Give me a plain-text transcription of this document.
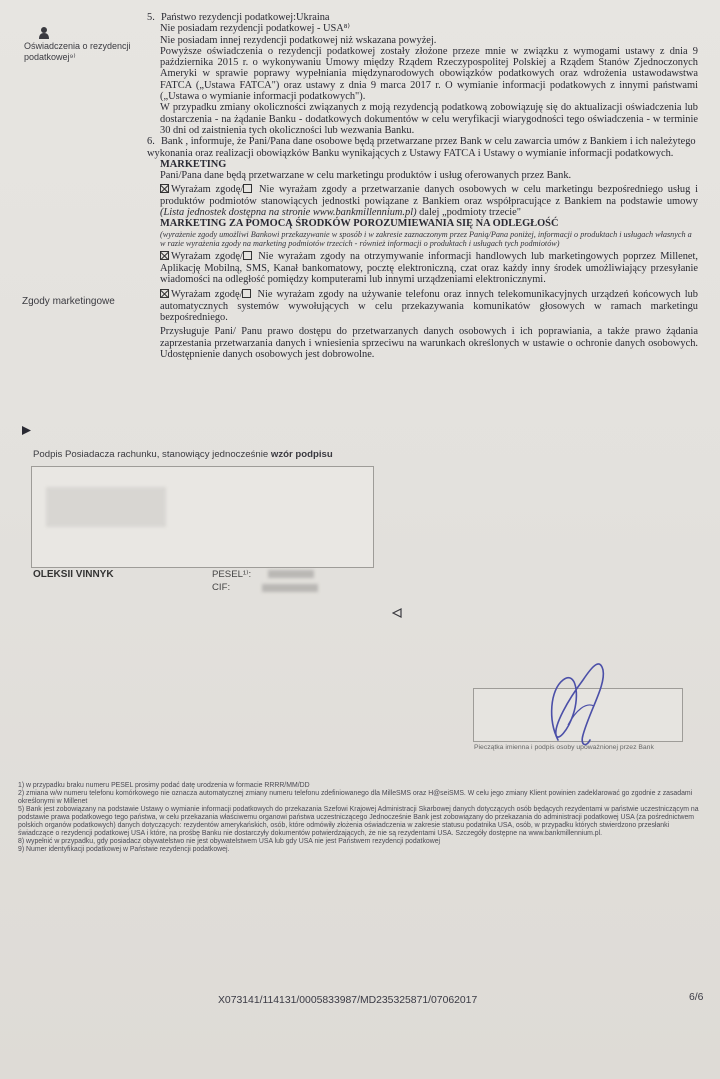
Oświadczenia o rezydencji podatkowej⁹⁾
Zgody marketingowe

5. Państwo rezydencji podatkowej:Ukraina

Nie posiadam rezydencji podatkowej - USA⁸⁾

Nie posiadam innej rezydencji podatkowej niż wskazana powyżej.

Powyższe oświadczenia o rezydencji podatkowej zostały złożone przeze mnie w związku z wymogami ustawy z dnia 9 października 2015 r. o wykonywaniu Umowy między Rządem Rzeczypospolitej Polskiej a Rządem Stanów Zjednoczonych Ameryki w sprawie poprawy wypełniania międzynarodowych obowiązków podatkowych oraz wdrożenia ustawodawstwa FATCA („Ustawa FATCA") oraz ustawy z dnia 9 marca 2017 r. O wymianie informacji podatkowych z innymi państwami („Ustawa o wymianie informacji podatkowych").

W przypadku zmiany okoliczności związanych z moją rezydencją podatkową zobowiązuję się do aktualizacji oświadczenia lub dostarczenia - na żądanie Banku - dodatkowych dokumentów w celu weryfikacji wiarygodności tego oświadczenia - w terminie 30 dni od zaistnienia tych okoliczności lub wezwania Banku.

6. Bank , informuje, że Pani/Pana dane osobowe będą przetwarzane przez Bank w celu zawarcia umów z Bankiem i ich należytego wykonania oraz realizacji obowiązków Banku wynikających z Ustawy FATCA i Ustawy o wymianie informacji podatkowych.

MARKETING

Pani/Pana dane będą przetwarzane w celu marketingu produktów i usług oferowanych przez Bank.

Wyrażam zgodę/ Nie wyrażam zgody a przetwarzanie danych osobowych w celu marketingu bezpośredniego usług i produktów podmiotów stanowiących jednostki powiązane z Bankiem oraz współpracujące z Bankiem na podstawie umowy (Lista jednostek dostępna na stronie www.bankmillennium.pl) dalej „podmioty trzecie"

MARKETING ZA POMOCĄ ŚRODKÓW POROZUMIEWANIA SIĘ NA ODLEGŁOŚĆ

(wyrażenie zgody umożliwi Bankowi przekazywanie w sposób i w zakresie zaznaczonym przez Panią/Pana poniżej, informacji o produktach i usługach własnych a w razie wyrażenia zgody na marketing podmiotów trzecich - również informacji o produktach i usługach tych podmiotów)

Wyrażam zgodę/ Nie wyrażam zgody na otrzymywanie informacji handlowych lub marketingowych poprzez Millenet, Aplikację Mobilną, SMS, Kanał bankomatowy, pocztę elektroniczną, czat oraz każdy inny środek umożliwiający przesyłanie wiadomości na odległość pomiędzy komputerami lub innymi urządzeniami elektronicznymi.

Wyrażam zgodę/ Nie wyrażam zgody na używanie telefonu oraz innych telekomunikacyjnych urządzeń końcowych lub automatycznych systemów wywołujących w celu przekazywania komunikatów głosowych w ramach marketingu bezpośredniego.

Przysługuje Pani/ Panu prawo dostępu do przetwarzanych danych osobowych i ich poprawiania, a także prawo żądania zaprzestania przetwarzania danych i wniesienia sprzeciwu na warunkach określonych w ustawie o ochronie danych osobowych. Udostępnienie danych osobowych jest dobrowolne.

Podpis Posiadacza rachunku, stanowiący jednocześnie wzór podpisu
OLEKSII VINNYK	PESEL¹⁾:
CIF:
Pieczątka imienna i podpis osoby upoważnionej przez Bank

1) w przypadku braku numeru PESEL prosimy podać datę urodzenia w formacie RRRR/MM/DD

2) zmiana w/w numeru telefonu komórkowego nie oznacza automatycznej zmiany numeru telefonu zdefiniowanego dla MilleSMS oraz H@seiSMS. W celu jego zmiany Klient powinien zadeklarować go zgodnie z zasadami określonymi w Millenet

5) Bank jest zobowiązany na podstawie Ustawy o wymianie informacji podatkowych do przekazania Szefowi Krajowej Administracji Skarbowej danych dotyczących osób będących rezydentami w państwie uczestniczącym na podstawie prawa podatkowego tego państwa, w celu przekazania właściwemu organowi państwa uczestniczącego Jednocześnie Bank jest zobowiązany do przekazania do administracji podatkowej USA (za pośrednictwem polskich organów podatkowych) danych dotyczących: rezydentów amerykańskich, osób, które odmówiły złożenia oświadczenia w zakresie statusu podatnika USA, osób, w przypadku których stwierdzono przesłanki świadczące o rezydencji podatkowej USA i które, na prośbę Banku nie dostarczyły dokumentów potwierdzających, że nie są rezydentami USA. Szczegóły dostępne na www.bankmillennium.pl.

8) wypełnić w przypadku, gdy posiadacz obywatelstwo nie jest obywatelstwem USA lub gdy USA nie jest Państwem rezydencji podatkowej

9) Numer identyfikacji podatkowej w Państwie rezydencji podatkowej.

X073141/114131/0005833987/MD235325871/07062017	6/6
